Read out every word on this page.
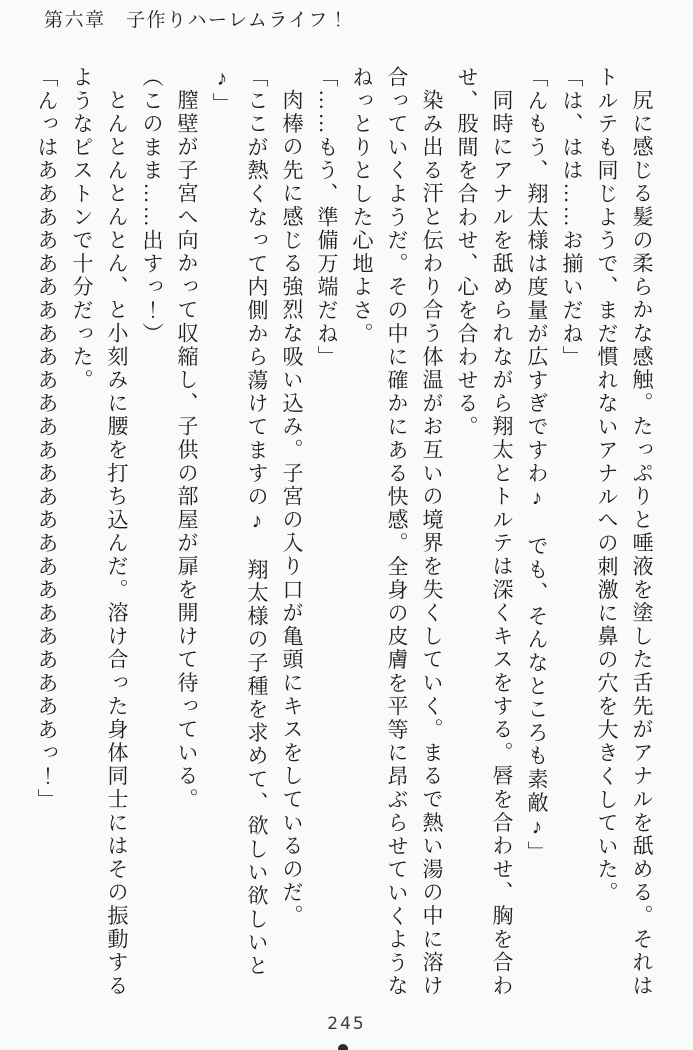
第六章　子作りハーレムライフ！

尻に感じる髪の柔らかな感触。たっぷりと唾液を塗した舌先がアナルを舐める。それはトルテも同じようで、まだ慣れないアナルへの刺激に鼻の穴を大きくしていた。

「は、はは……お揃いだね」

「んもう、翔太様は度量が広すぎですわ♪　でも、そんなところも素敵♪」

同時にアナルを舐められながら翔太とトルテは深くキスをする。唇を合わせ、胸を合わせ、股間を合わせ、心を合わせる。

染み出る汗と伝わり合う体温がお互いの境界を失くしていく。まるで熱い湯の中に溶け合っていくようだ。その中に確かにある快感。全身の皮膚を平等に昂ぶらせていくようなねっとりとした心地よさ。

「……もう、準備万端だね」

肉棒の先に感じる強烈な吸い込み。子宮の入り口が亀頭にキスをしているのだ。

「ここが熱くなって内側から蕩けてますの♪　翔太様の子種を求めて、欲しい欲しいと♪」

膣壁が子宮へ向かって収縮し、子供の部屋が扉を開けて待っている。

（このまま……出すっ！）

とんとんとんとん、と小刻みに腰を打ち込んだ。溶け合った身体同士にはその振動するようなピストンで十分だった。

「んっはあああああああああああああああああああああああああっ！」

245
